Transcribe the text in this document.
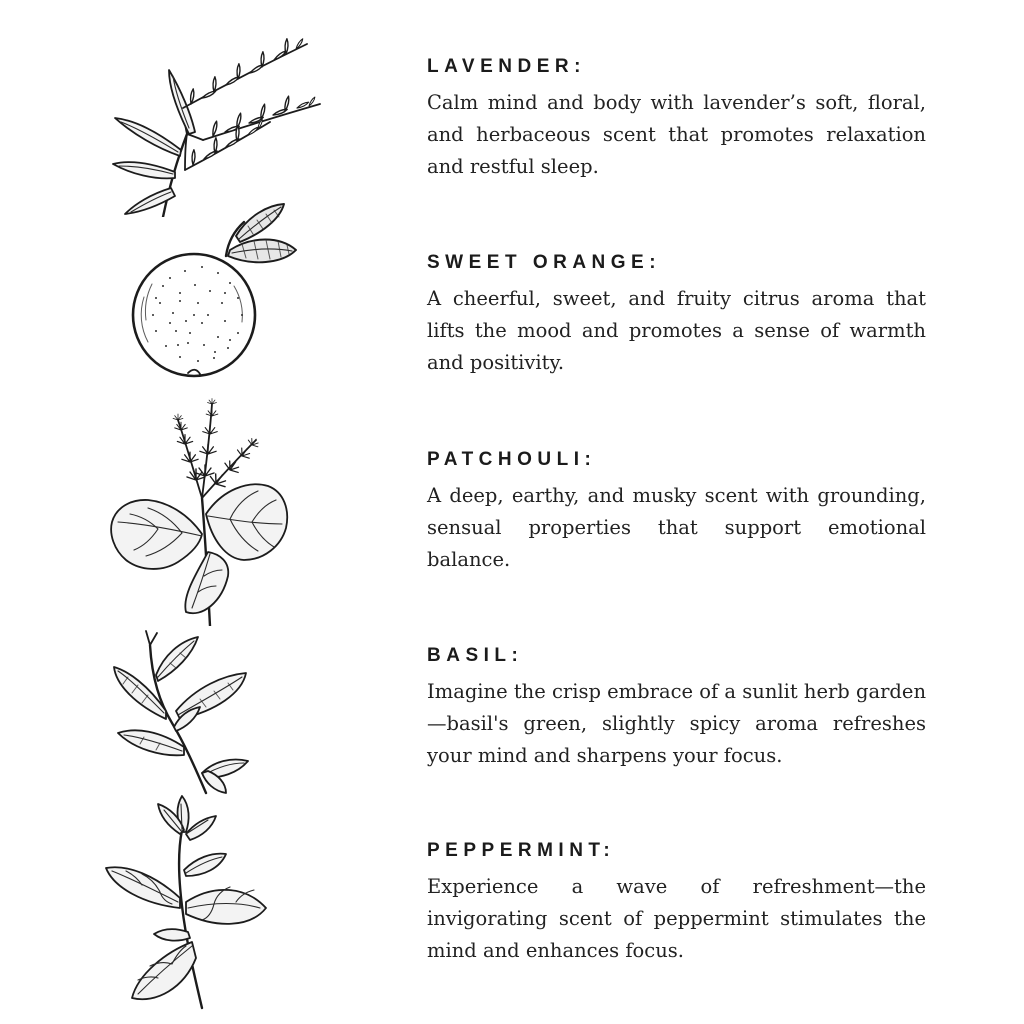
LAVENDER:

Calm mind and body with lavender’s soft, floral, and herbaceous scent that promotes relaxation and restful sleep.

SWEET ORANGE:

A cheerful, sweet, and fruity citrus aroma that lifts the mood and promotes a sense of warmth and positivity.

PATCHOULI:

A deep, earthy, and musky scent with grounding, sensual properties that support emotional balance.

BASIL:

Imagine the crisp embrace of a sunlit herb garden—basil's green, slightly spicy aroma refreshes your mind and sharpens your focus.

PEPPERMINT:

Experience a wave of refreshment—the invigorating scent of peppermint stimulates the mind and enhances focus.
